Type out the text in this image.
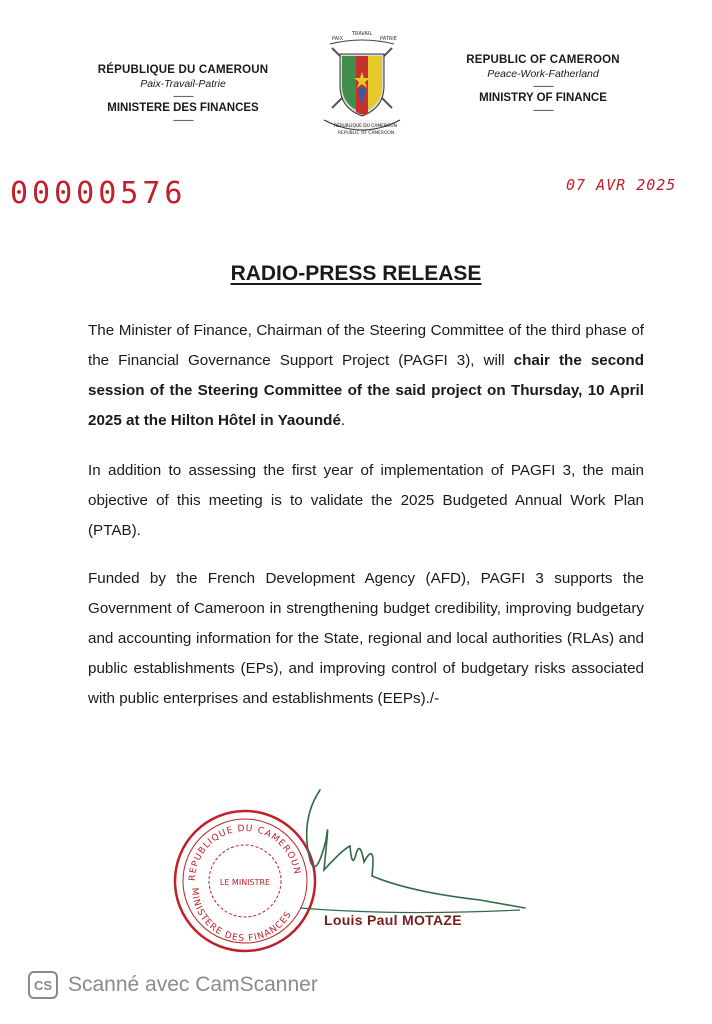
RÉPUBLIQUE DU CAMEROUN
Paix-Travail-Patrie
----------
MINISTERE DES FINANCES
----------
PAIX
TRAVAIL
PATRIE
RÉPUBLIQUE DU CAMEROUN
REPUBLIC OF CAMEROON
REPUBLIC OF CAMEROON
Peace-Work-Fatherland
----------
MINISTRY OF FINANCE
----------
00000576	07 AVR 2025
RADIO-PRESS RELEASE
The Minister of Finance, Chairman of the Steering Committee of the third phase of the Financial Governance Support Project (PAGFI 3), will chair the second session of the Steering Committee of the said project on Thursday, 10 April 2025 at the Hilton Hôtel in Yaoundé.
In addition to assessing the first year of implementation of PAGFI 3, the main objective of this meeting is to validate the 2025 Budgeted Annual Work Plan (PTAB).
Funded by the French Development Agency (AFD), PAGFI 3 supports the Government of Cameroon in strengthening budget credibility, improving budgetary and accounting information for the State, regional and local authorities (RLAs) and public establishments (EPs), and improving control of budgetary risks associated with public enterprises and establishments (EEPs)./-
REPUBLIQUE DU CAMEROUN
MINISTERE DES FINANCES
LE MINISTRE
Louis Paul MOTAZE
CS Scanné avec CamScanner
